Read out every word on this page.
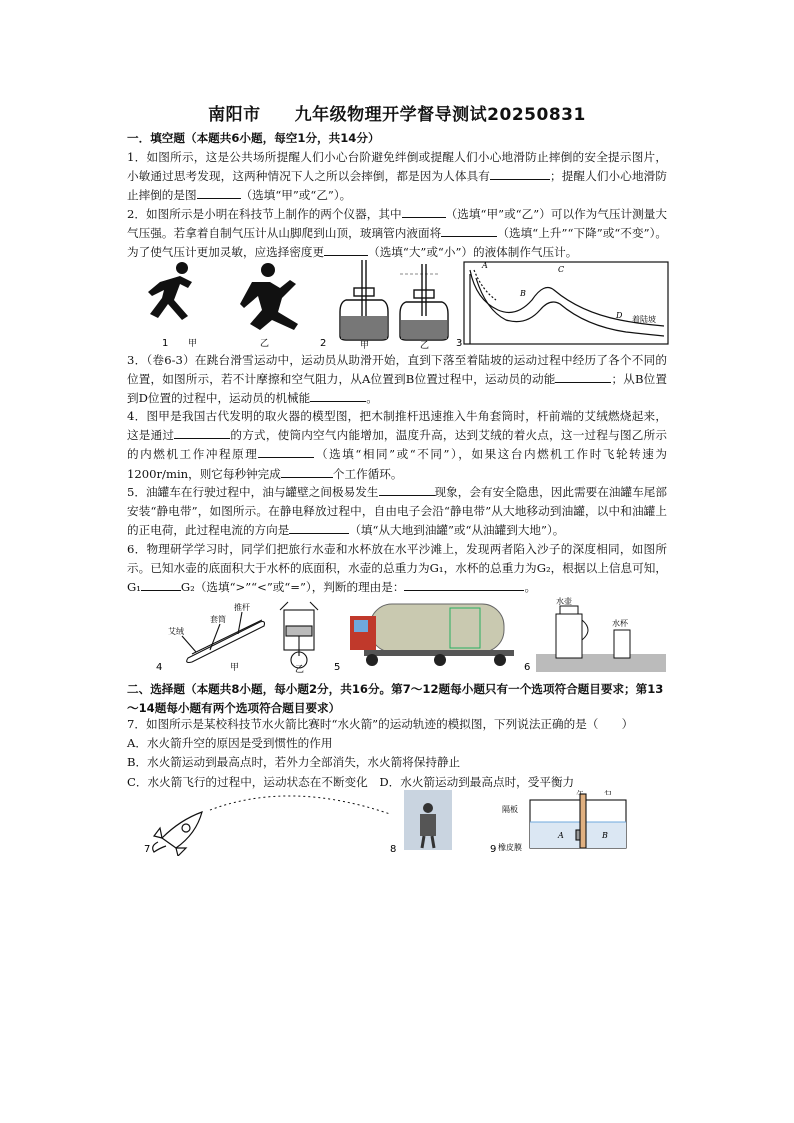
南阳市 九年级物理开学督导测试20250831
一．填空题（本题共6小题，每空1分，共14分）
1．如图所示，这是公共场所提醒人们小心台阶避免绊倒或提醒人们小心地滑防止摔倒的安全提示图片，小敏通过思考发现，这两种情况下人之所以会摔倒，都是因为人体具有	；提醒人们小心地滑防止摔倒的是图	（选填“甲”或“乙”）。
2．如图所示是小明在科技节上制作的两个仪器，其中	（选填“甲”或“乙”）可以作为气压计测量大气压强。若拿着自制气压计从山脚爬到山顶，玻璃管内液面将	（选填“上升”“下降”或“不变”）。为了使气压计更加灵敏，应选择密度更	（选填“大”或“小”）的液体制作气压计。
1 甲	乙	2	甲	乙	3
A
B
C
D 着陆坡
3．（卷6-3）在跳台滑雪运动中，运动员从助滑开始，直到下落至着陆坡的运动过程中经历了各个不同的位置，如图所示，若不计摩擦和空气阻力，从A位置到B位置过程中，运动员的动能	；从B位置到D位置的过程中，运动员的机械能	。
4．图甲是我国古代发明的取火器的模型图，把木制推杆迅速推入牛角套筒时，杆前端的艾绒燃烧起来，这是通过	的方式，使筒内空气内能增加，温度升高，达到艾绒的着火点，这一过程与图乙所示的内燃机工作冲程原理	（选填“相同”或“不同”），如果这台内燃机工作时飞轮转速为1200r/min，则它每秒钟完成	个工作循环。
5．油罐车在行驶过程中，油与罐壁之间极易发生	现象，会有安全隐患，因此需要在油罐车尾部安装“静电带”，如图所示。在静电释放过程中，自由电子会沿“静电带”从大地移动到油罐，以中和油罐上的正电荷，此过程电流的方向是	（填“从大地到油罐”或“从油罐到大地”）。
6．物理研学学习时，同学们把旅行水壶和水杯放在水平沙滩上，发现两者陷入沙子的深度相同，如图所示。已知水壶的底面积大于水杯的底面积，水壶的总重力为G₁，水杯的总重力为G₂，根据以上信息可知，G₁	G₂（选填“>”“<”或“=”），判断的理由是：	。
推杆
套筒
艾绒
水壶
水杯
4	甲	乙	5	6
二、选择题（本题共8小题，每小题2分，共16分。第7～12题每小题只有一个选项符合题目要求；第13～14题每小题有两个选项符合题目要求）

7．如图所示是某校科技节水火箭比赛时“水火箭”的运动轨迹的模拟图，下列说法正确的是（　　）

A．水火箭升空的原因是受到惯性的作用

B．水火箭运动到最高点时，若外力全部消失，水火箭将保持静止

C．水火箭飞行的过程中，运动状态在不断变化　 D．水火箭运动到最高点时，受平衡力

左	右
隔板
橡皮膜
A	B
7	8	9
